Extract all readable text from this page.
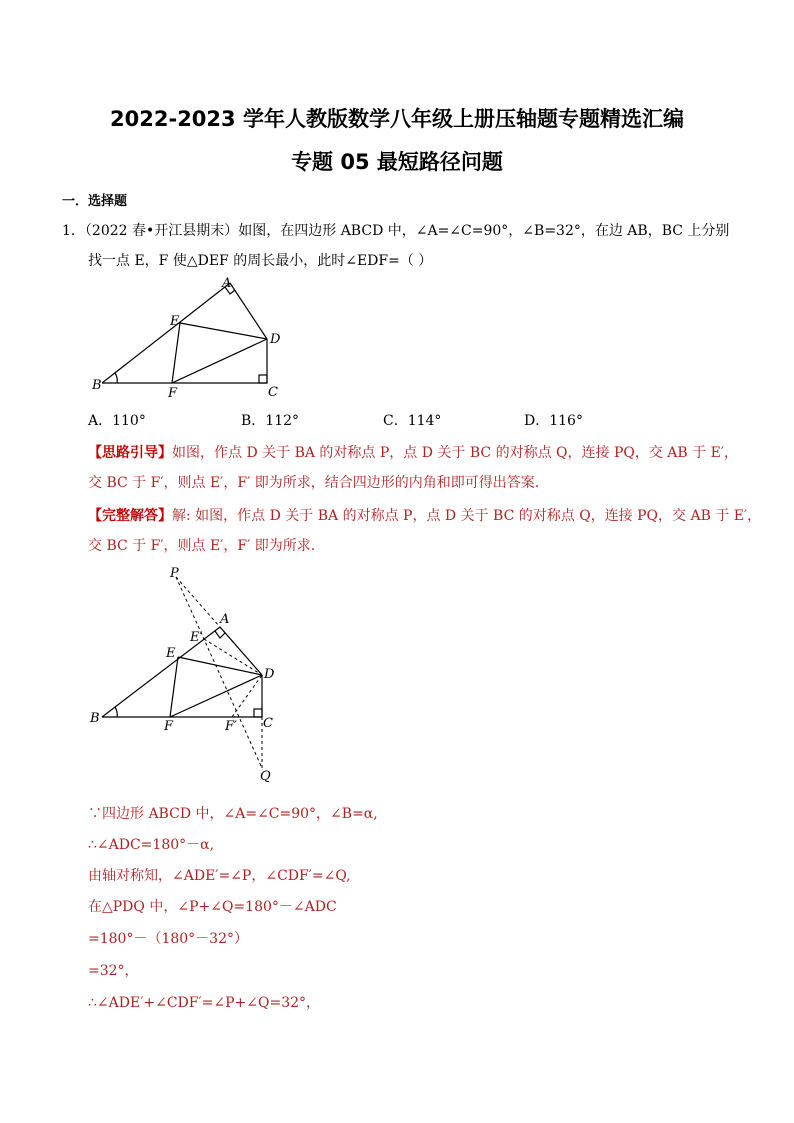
2022-2023 学年人教版数学八年级上册压轴题专题精选汇编
专题 05 最短路径问题
一．选择题
1．（2022 春•开江县期末）如图，在四边形 ABCD 中，∠A=∠C=90°，∠B=32°，在边 AB，BC 上分别
找一点 E，F 使△DEF 的周长最小，此时∠EDF=（ ）
A
B	C
D
E
F
A．110°	B．112°	C．114°	D．116°
【思路引导】如图，作点 D 关于 BA 的对称点 P，点 D 关于 BC 的对称点 Q，连接 PQ，交 AB 于 E′，
交 BC 于 F′，则点 E′，F′ 即为所求，结合四边形的内角和即可得出答案.
【完整解答】解: 如图，作点 D 关于 BA 的对称点 P，点 D 关于 BC 的对称点 Q，连接 PQ，交 AB 于 E′，
交 BC 于 F′，则点 E′，F′ 即为所求.
P
A
E′
E
D
B
F	F′ C
Q
∵四边形 ABCD 中，∠A=∠C=90°，∠B=α,
∴∠ADC=180°－α,
由轴对称知，∠ADE′=∠P，∠CDF′=∠Q,
在△PDQ 中，∠P+∠Q=180°－∠ADC
=180°－（180°－32°）
=32°，
∴∠ADE′+∠CDF′=∠P+∠Q=32°，
